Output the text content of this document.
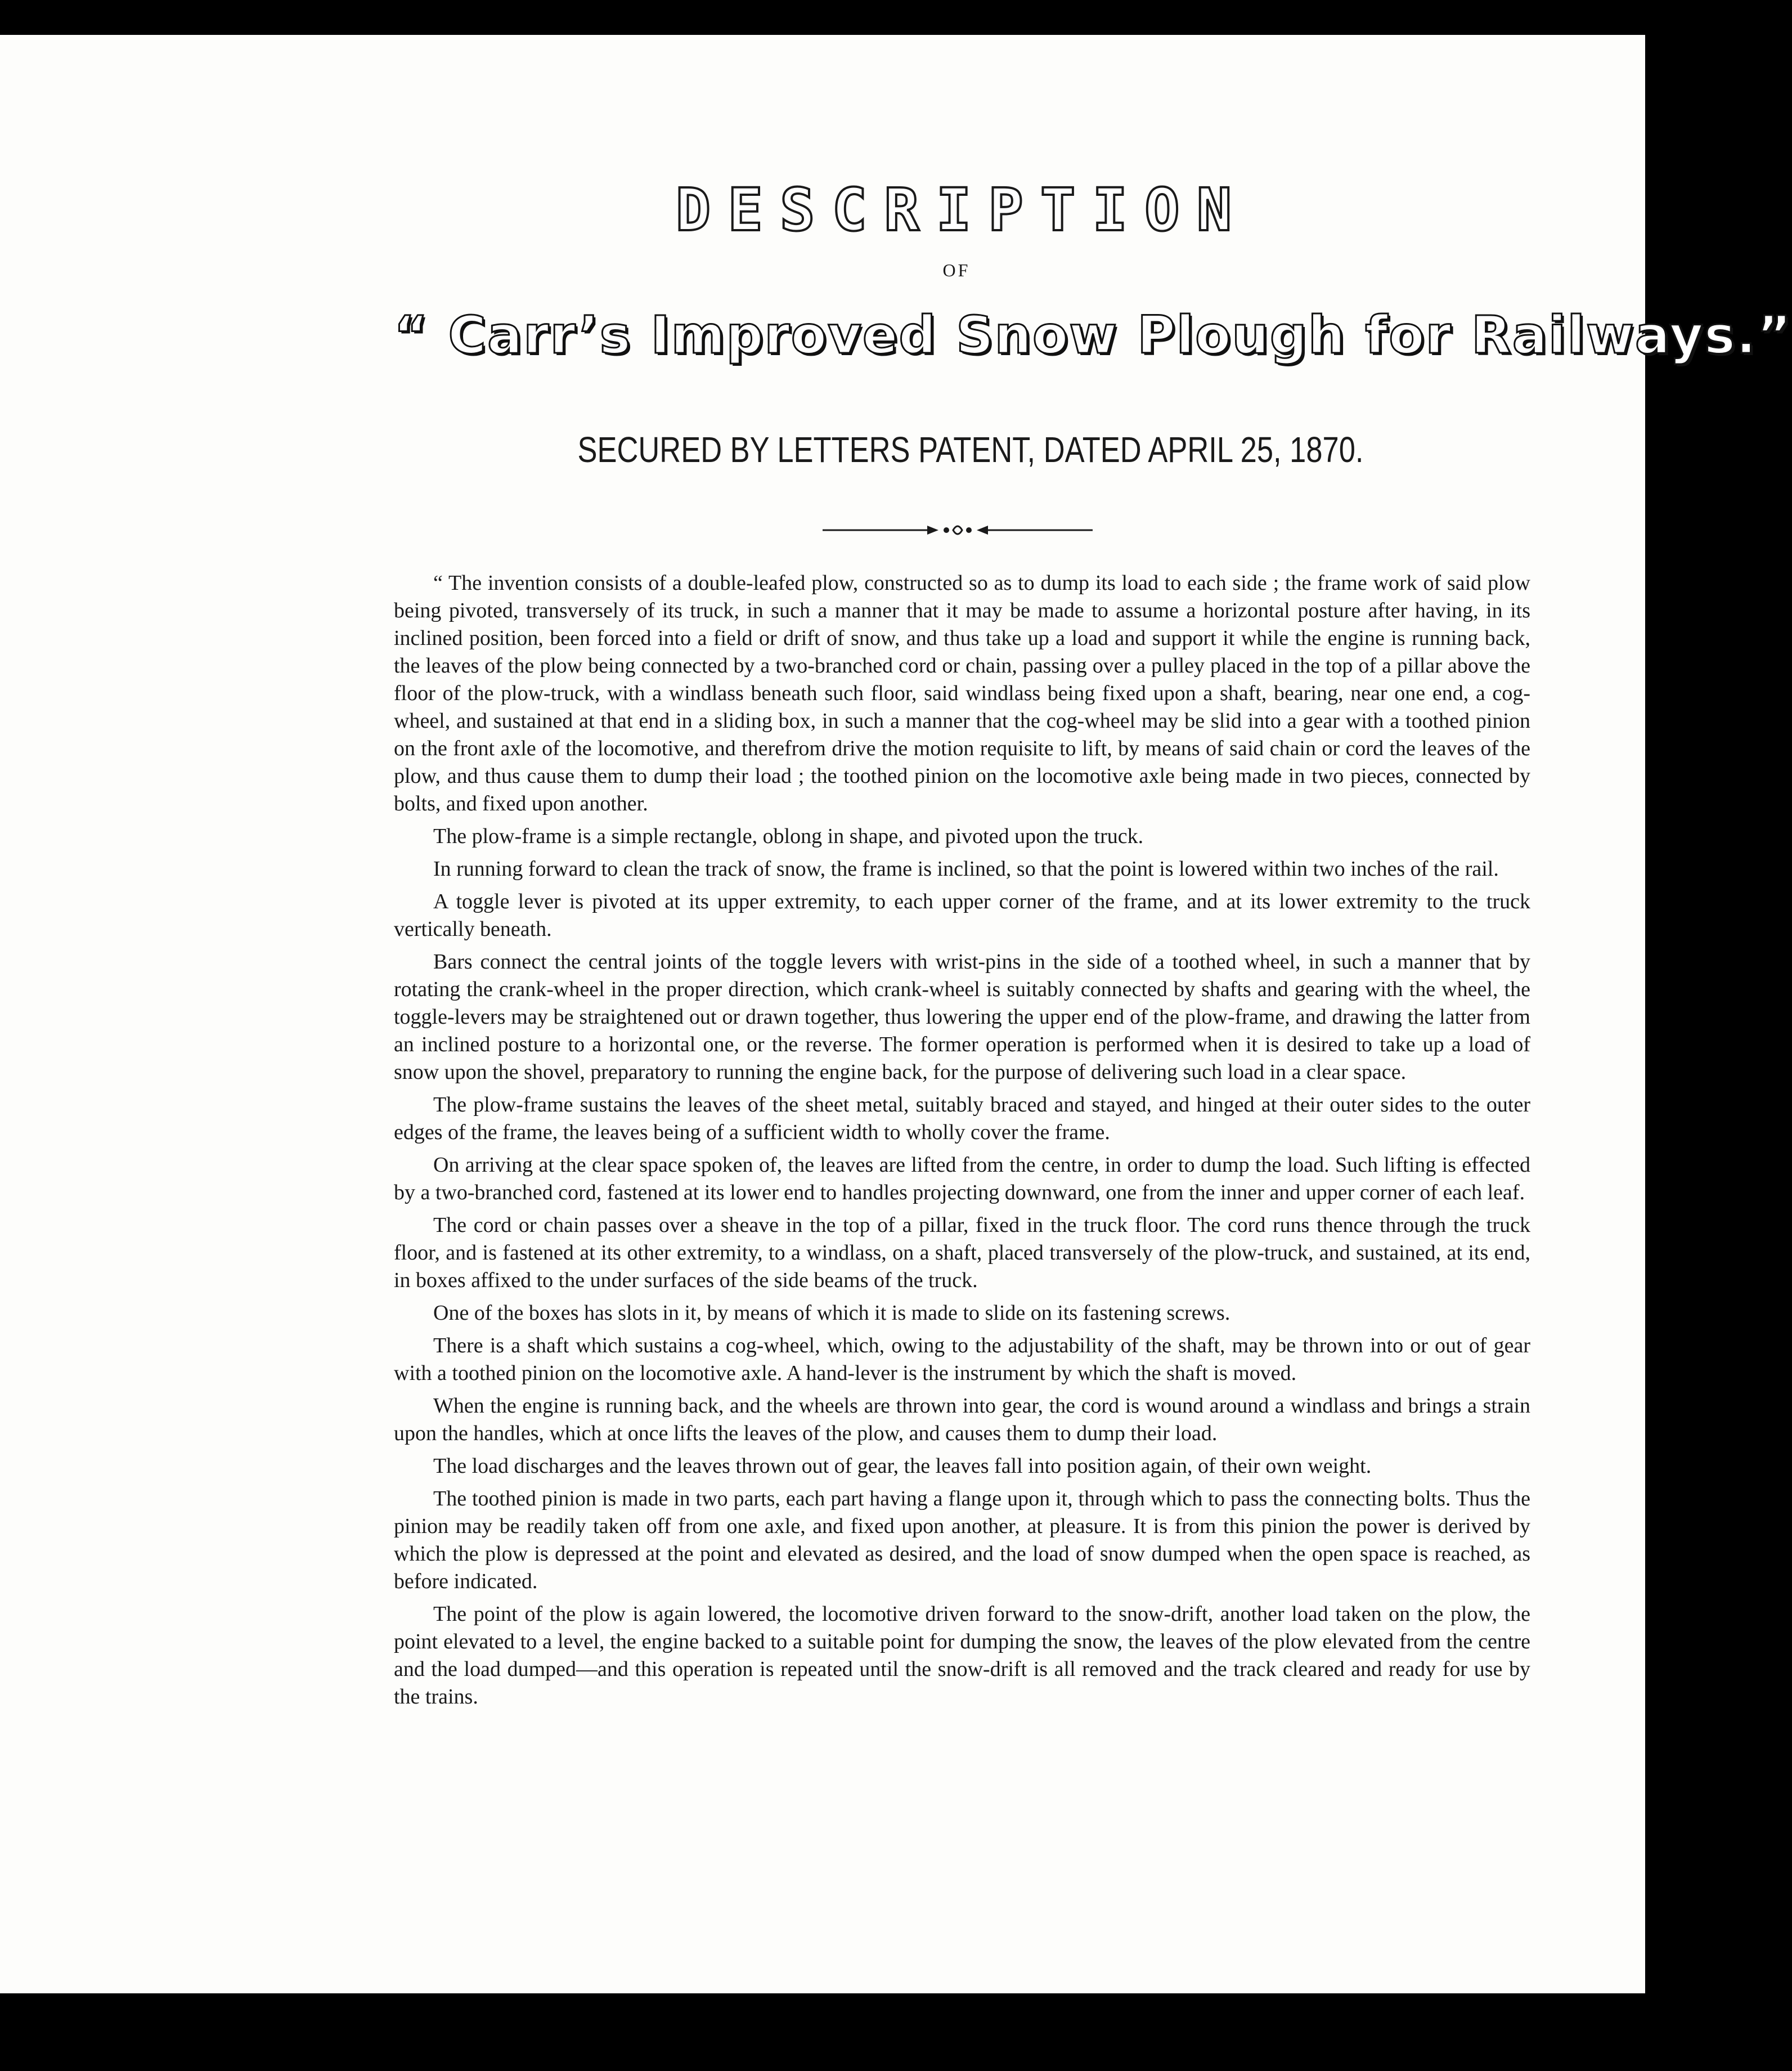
DESCRIPTION
OF
“ Carr’s Improved Snow Plough for Railways.”
SECURED BY LETTERS PATENT, DATED APRIL 25, 1870.

“ The invention consists of a double-leafed plow, constructed so as to dump its load to each side ; the frame work of said plow being pivoted, transversely of its truck, in such a manner that it may be made to assume a horizontal posture after having, in its inclined position, been forced into a field or drift of snow, and thus take up a load and support it while the engine is running back, the leaves of the plow being connected by a two-branched cord or chain, passing over a pulley placed in the top of a pillar above the floor of the plow-truck, with a windlass beneath such floor, said windlass being fixed upon a shaft, bearing, near one end, a cog-wheel, and sustained at that end in a sliding box, in such a manner that the cog-wheel may be slid into a gear with a toothed pinion on the front axle of the locomotive, and therefrom drive the motion requisite to lift, by means of said chain or cord the leaves of the plow, and thus cause them to dump their load ; the toothed pinion on the locomotive axle being made in two pieces, connected by bolts, and fixed upon another.

The plow-frame is a simple rectangle, oblong in shape, and pivoted upon the truck.

In running forward to clean the track of snow, the frame is inclined, so that the point is lowered within two inches of the rail.

A toggle lever is pivoted at its upper extremity, to each upper corner of the frame, and at its lower extremity to the truck vertically beneath.

Bars connect the central joints of the toggle levers with wrist-pins in the side of a toothed wheel, in such a manner that by rotating the crank-wheel in the proper direction, which crank-wheel is suitably connected by shafts and gearing with the wheel, the toggle-levers may be straightened out or drawn together, thus lowering the upper end of the plow-frame, and drawing the latter from an inclined posture to a horizontal one, or the reverse. The former operation is performed when it is desired to take up a load of snow upon the shovel, preparatory to running the engine back, for the purpose of delivering such load in a clear space.

The plow-frame sustains the leaves of the sheet metal, suitably braced and stayed, and hinged at their outer sides to the outer edges of the frame, the leaves being of a sufficient width to wholly cover the frame.

On arriving at the clear space spoken of, the leaves are lifted from the centre, in order to dump the load. Such lifting is effected by a two-branched cord, fastened at its lower end to handles projecting downward, one from the inner and upper corner of each leaf.

The cord or chain passes over a sheave in the top of a pillar, fixed in the truck floor. The cord runs thence through the truck floor, and is fastened at its other extremity, to a windlass, on a shaft, placed transversely of the plow-truck, and sustained, at its end, in boxes affixed to the under surfaces of the side beams of the truck.

One of the boxes has slots in it, by means of which it is made to slide on its fastening screws.

There is a shaft which sustains a cog-wheel, which, owing to the adjustability of the shaft, may be thrown into or out of gear with a toothed pinion on the locomotive axle. A hand-lever is the instrument by which the shaft is moved.

When the engine is running back, and the wheels are thrown into gear, the cord is wound around a windlass and brings a strain upon the handles, which at once lifts the leaves of the plow, and causes them to dump their load.

The load discharges and the leaves thrown out of gear, the leaves fall into position again, of their own weight.

The toothed pinion is made in two parts, each part having a flange upon it, through which to pass the connecting bolts. Thus the pinion may be readily taken off from one axle, and fixed upon another, at pleasure. It is from this pinion the power is derived by which the plow is depressed at the point and elevated as desired, and the load of snow dumped when the open space is reached, as before indicated.

The point of the plow is again lowered, the locomotive driven forward to the snow-drift, another load taken on the plow, the point elevated to a level, the engine backed to a suitable point for dumping the snow, the leaves of the plow elevated from the centre and the load dumped—and this operation is repeated until the snow-drift is all removed and the track cleared and ready for use by the trains.
